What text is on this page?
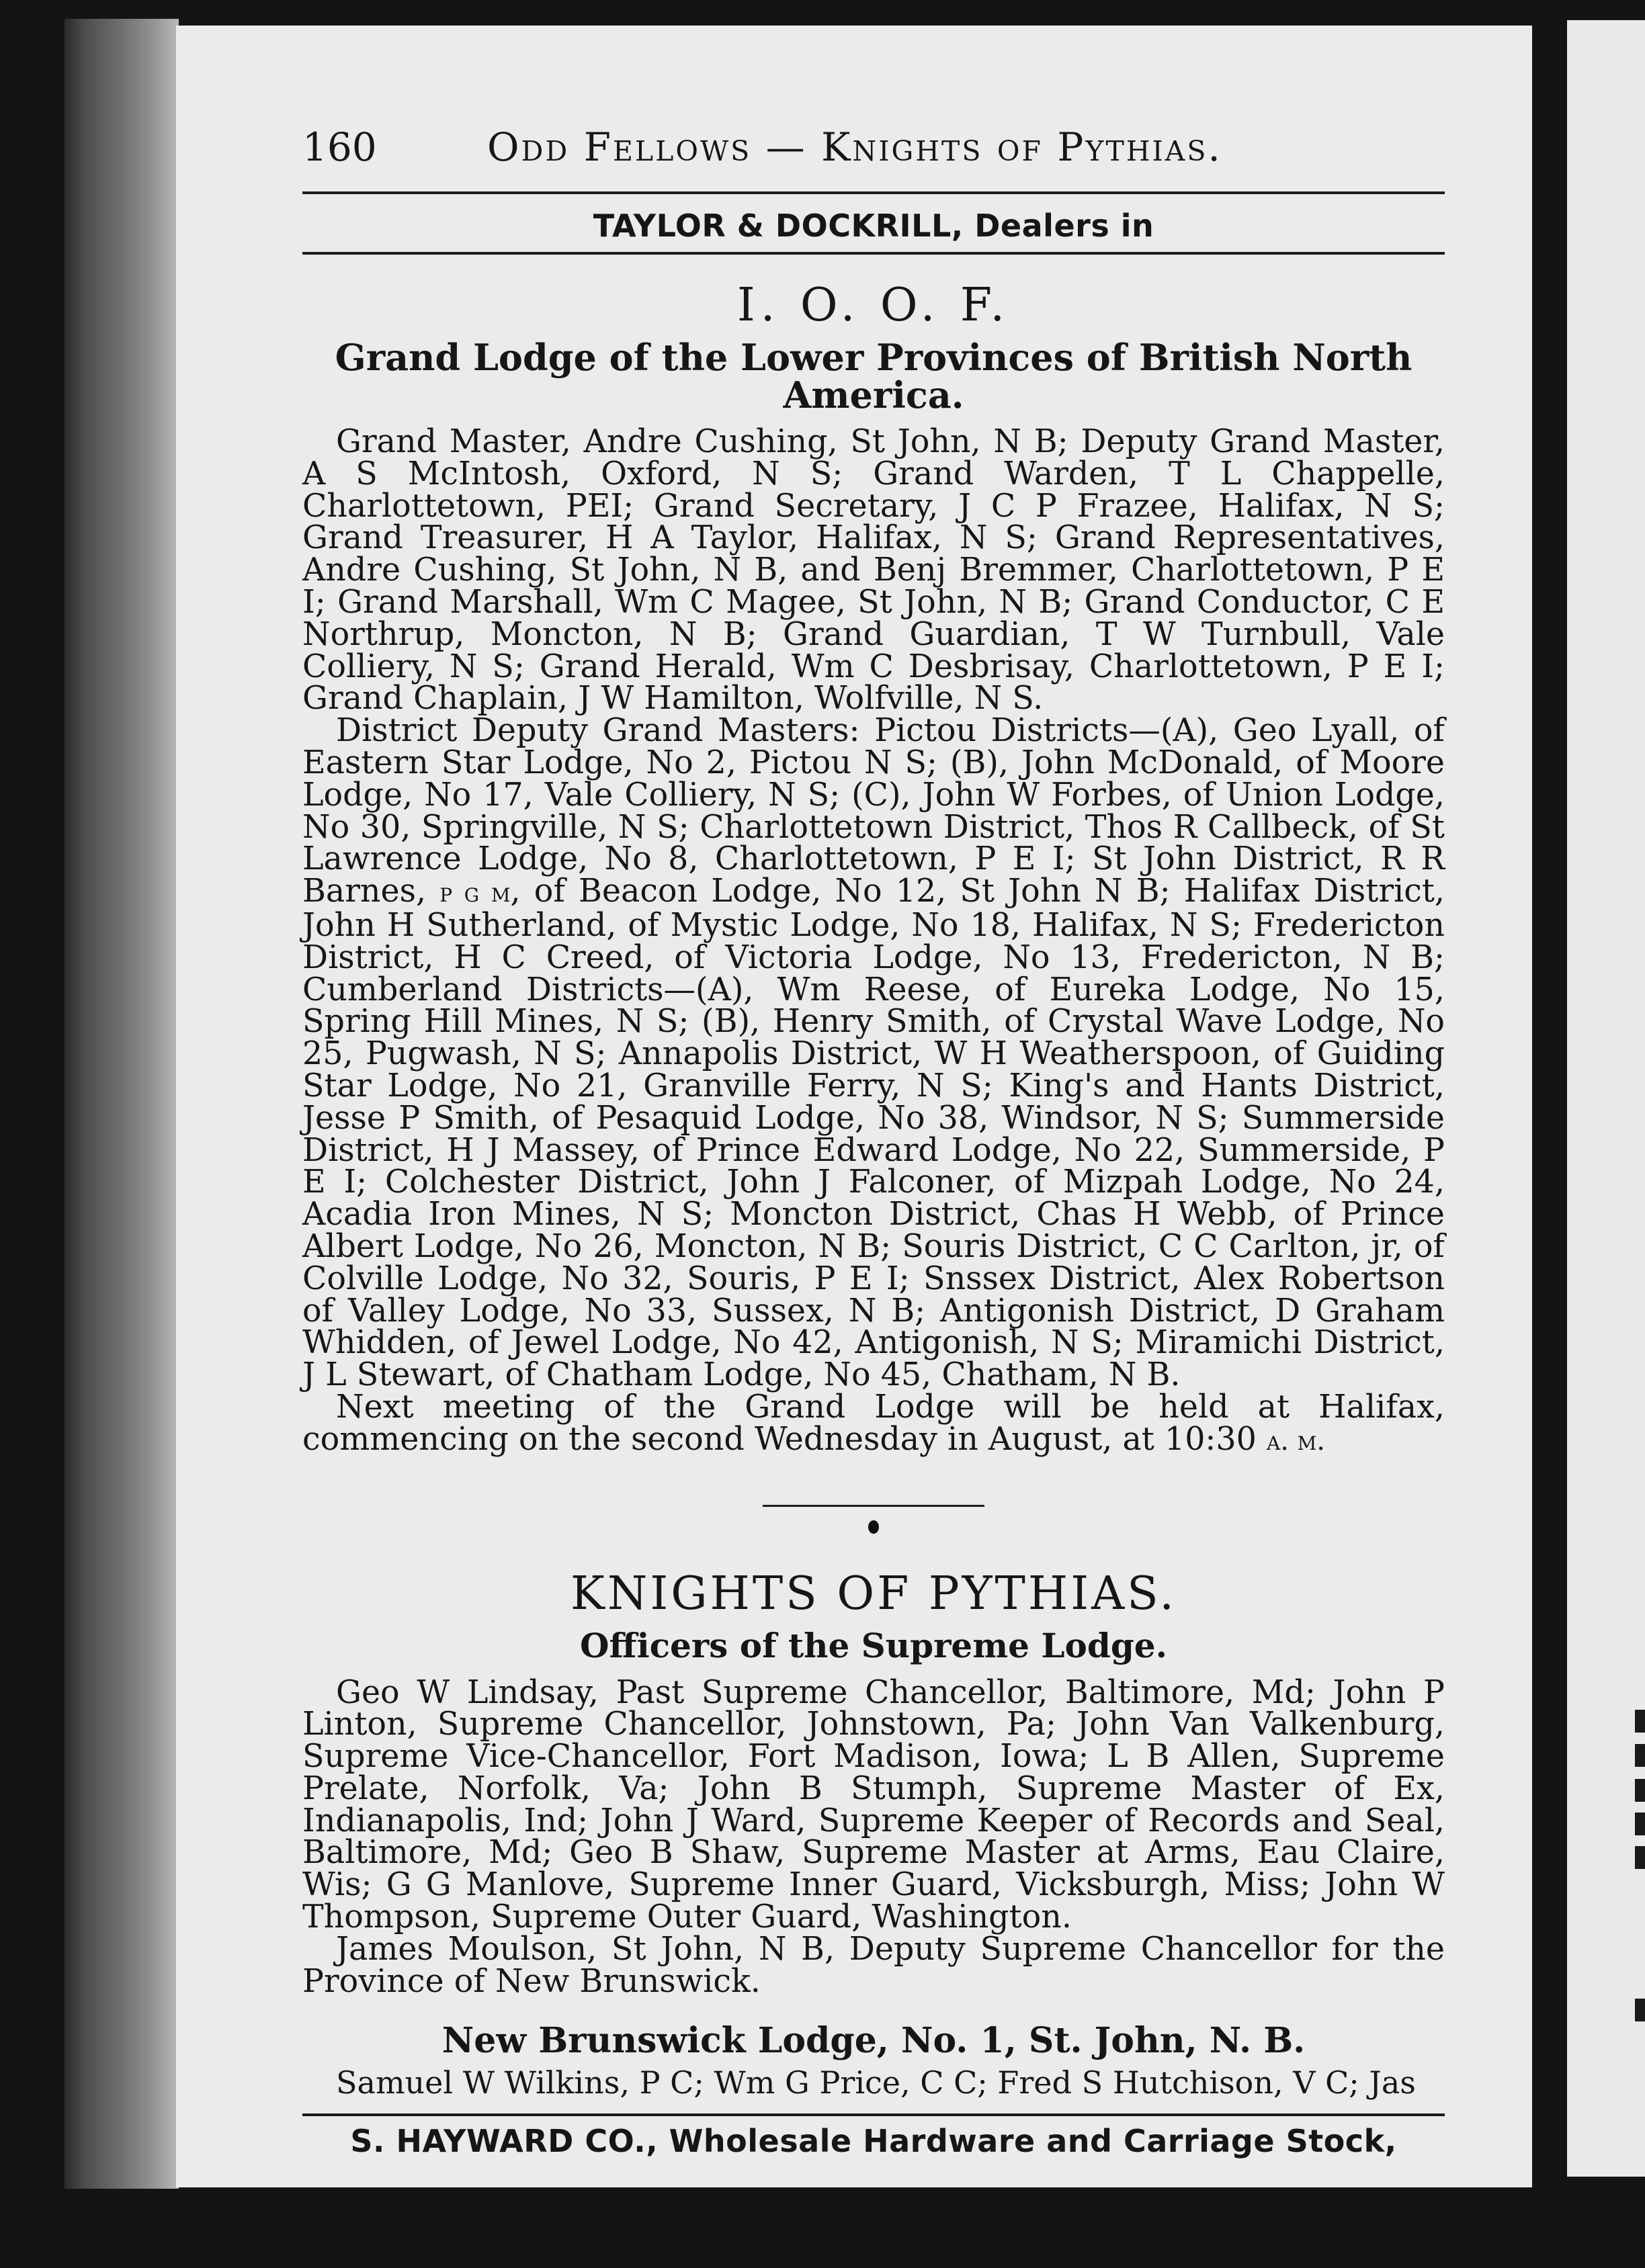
160	Odd Fellows — Knights of Pythias.
TAYLOR & DOCKRILL, Dealers in
I. O. O. F.
Grand Lodge of the Lower Provinces of British North America.

Grand Master, Andre Cushing, St John, N B; Deputy Grand Master, A S McIntosh, Oxford, N S; Grand Warden, T L Chappelle, Charlottetown, PEI; Grand Secretary, J C P Frazee, Halifax, N S; Grand Treasurer, H A Taylor, Halifax, N S; Grand Representatives, Andre Cushing, St John, N B, and Benj Bremmer, Charlottetown, P E I; Grand Marshall, Wm C Magee, St John, N B; Grand Conductor, C E Northrup, Moncton, N B; Grand Guardian, T W Turnbull, Vale Colliery, N S; Grand Herald, Wm C Desbrisay, Charlottetown, P E I; Grand Chaplain, J W Hamilton, Wolfville, N S.

District Deputy Grand Masters: Pictou Districts—(A), Geo Lyall, of Eastern Star Lodge, No 2, Pictou N S; (B), John McDonald, of Moore Lodge, No 17, Vale Colliery, N S; (C), John W Forbes, of Union Lodge, No 30, Springville, N S; Charlottetown District, Thos R Callbeck, of St Lawrence Lodge, No 8, Charlottetown, P E I; St John District, R R Barnes, p g m, of Beacon Lodge, No 12, St John N B; Halifax District, John H Sutherland, of Mystic Lodge, No 18, Halifax, N S; Fredericton District, H C Creed, of Victoria Lodge, No 13, Fredericton, N B; Cumberland Districts—(A), Wm Reese, of Eureka Lodge, No 15, Spring Hill Mines, N S; (B), Henry Smith, of Crystal Wave Lodge, No 25, Pugwash, N S; Annapolis District, W H Weatherspoon, of Guiding Star Lodge, No 21, Granville Ferry, N S; King's and Hants District, Jesse P Smith, of Pesaquid Lodge, No 38, Windsor, N S; Summerside District, H J Massey, of Prince Edward Lodge, No 22, Summerside, P E I; Colchester District, John J Falconer, of Mizpah Lodge, No 24, Acadia Iron Mines, N S; Moncton District, Chas H Webb, of Prince Albert Lodge, No 26, Moncton, N B; Souris District, C C Carlton, jr, of Colville Lodge, No 32, Souris, P E I; Snssex District, Alex Robertson of Valley Lodge, No 33, Sussex, N B; Antigonish District, D Graham Whidden, of Jewel Lodge, No 42, Antigonish, N S; Miramichi District, J L Stewart, of Chatham Lodge, No 45, Chatham, N B.

Next meeting of the Grand Lodge will be held at Halifax, commencing on the second Wednesday in August, at 10:30 a. m.

KNIGHTS OF PYTHIAS.
Officers of the Supreme Lodge.

Geo W Lindsay, Past Supreme Chancellor, Baltimore, Md; John P Linton, Supreme Chancellor, Johnstown, Pa; John Van Valkenburg, Supreme Vice-Chancellor, Fort Madison, Iowa; L B Allen, Supreme Prelate, Norfolk, Va; John B Stumph, Supreme Master of Ex, Indianapolis, Ind; John J Ward, Supreme Keeper of Records and Seal, Baltimore, Md; Geo B Shaw, Supreme Master at Arms, Eau Claire, Wis; G G Manlove, Supreme Inner Guard, Vicksburgh, Miss; John W Thompson, Supreme Outer Guard, Washington.

James Moulson, St John, N B, Deputy Supreme Chancellor for the Province of New Brunswick.

New Brunswick Lodge, No. 1, St. John, N. B.
Samuel W Wilkins, P C; Wm G Price, C C; Fred S Hutchison, V C; Jas
S. HAYWARD CO., Wholesale Hardware and Carriage Stock,
